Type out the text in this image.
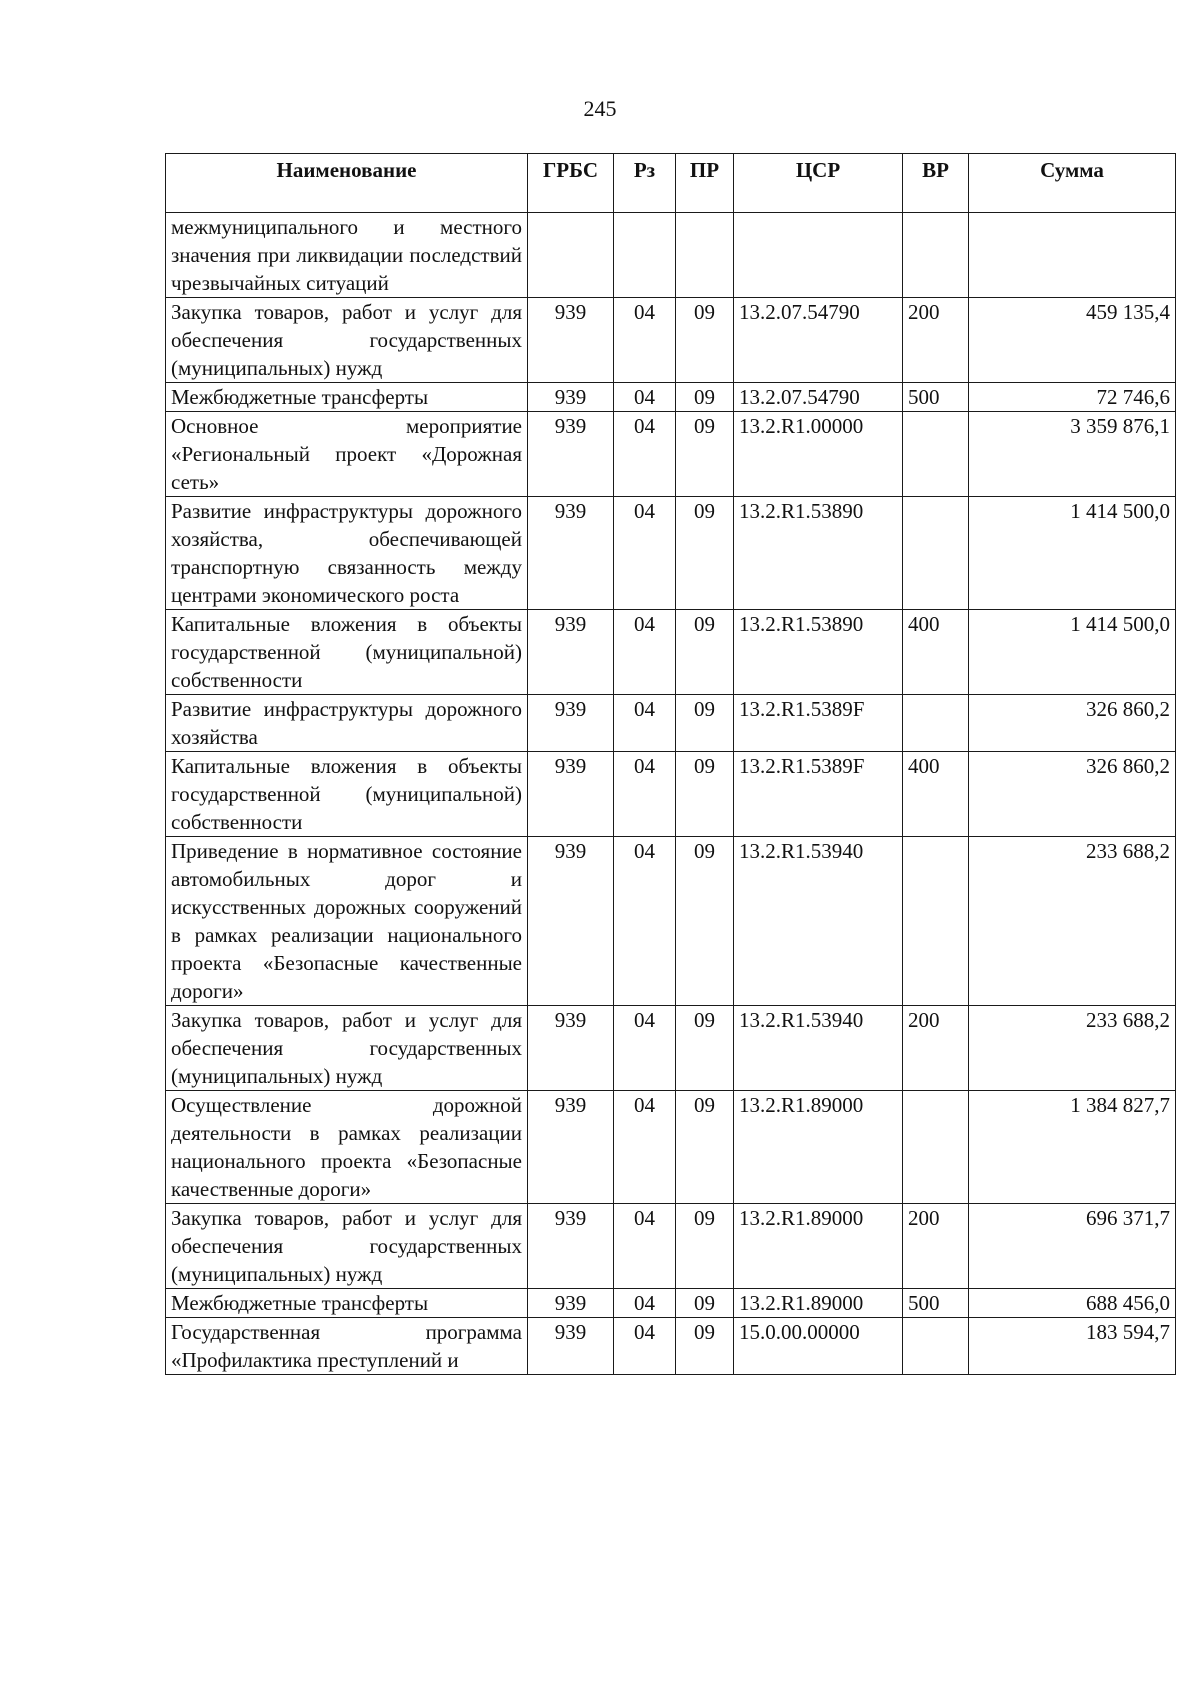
245
Наименование	ГРБС	Рз	ПР	ЦСР	ВР	Сумма
межмуниципального и местного значения при ликвидации последствий чрезвычайных ситуаций						
Закупка товаров, работ и услуг для обеспечения государственных (муниципальных) нужд	939	04	09	13.2.07.54790	200	459 135,4
Межбюджетные трансферты	939	04	09	13.2.07.54790	500	72 746,6
Основное мероприятие «Региональный проект «Дорожная сеть»	939	04	09	13.2.R1.00000		3 359 876,1
Развитие инфраструктуры дорожного хозяйства, обеспечивающей транспортную связанность между центрами экономического роста	939	04	09	13.2.R1.53890		1 414 500,0
Капитальные вложения в объекты государственной (муниципальной) собственности	939	04	09	13.2.R1.53890	400	1 414 500,0
Развитие инфраструктуры дорожного хозяйства	939	04	09	13.2.R1.5389F		326 860,2
Капитальные вложения в объекты государственной (муниципальной) собственности	939	04	09	13.2.R1.5389F	400	326 860,2
Приведение в нормативное состояние автомобильных дорог и искусственных дорожных сооружений в рамках реализации национального проекта «Безопасные качественные дороги»	939	04	09	13.2.R1.53940		233 688,2
Закупка товаров, работ и услуг для обеспечения государственных (муниципальных) нужд	939	04	09	13.2.R1.53940	200	233 688,2
Осуществление дорожной деятельности в рамках реализации национального проекта «Безопасные качественные дороги»	939	04	09	13.2.R1.89000		1 384 827,7
Закупка товаров, работ и услуг для обеспечения государственных (муниципальных) нужд	939	04	09	13.2.R1.89000	200	696 371,7
Межбюджетные трансферты	939	04	09	13.2.R1.89000	500	688 456,0
Государственная программа «Профилактика преступлений и	939	04	09	15.0.00.00000		183 594,7
